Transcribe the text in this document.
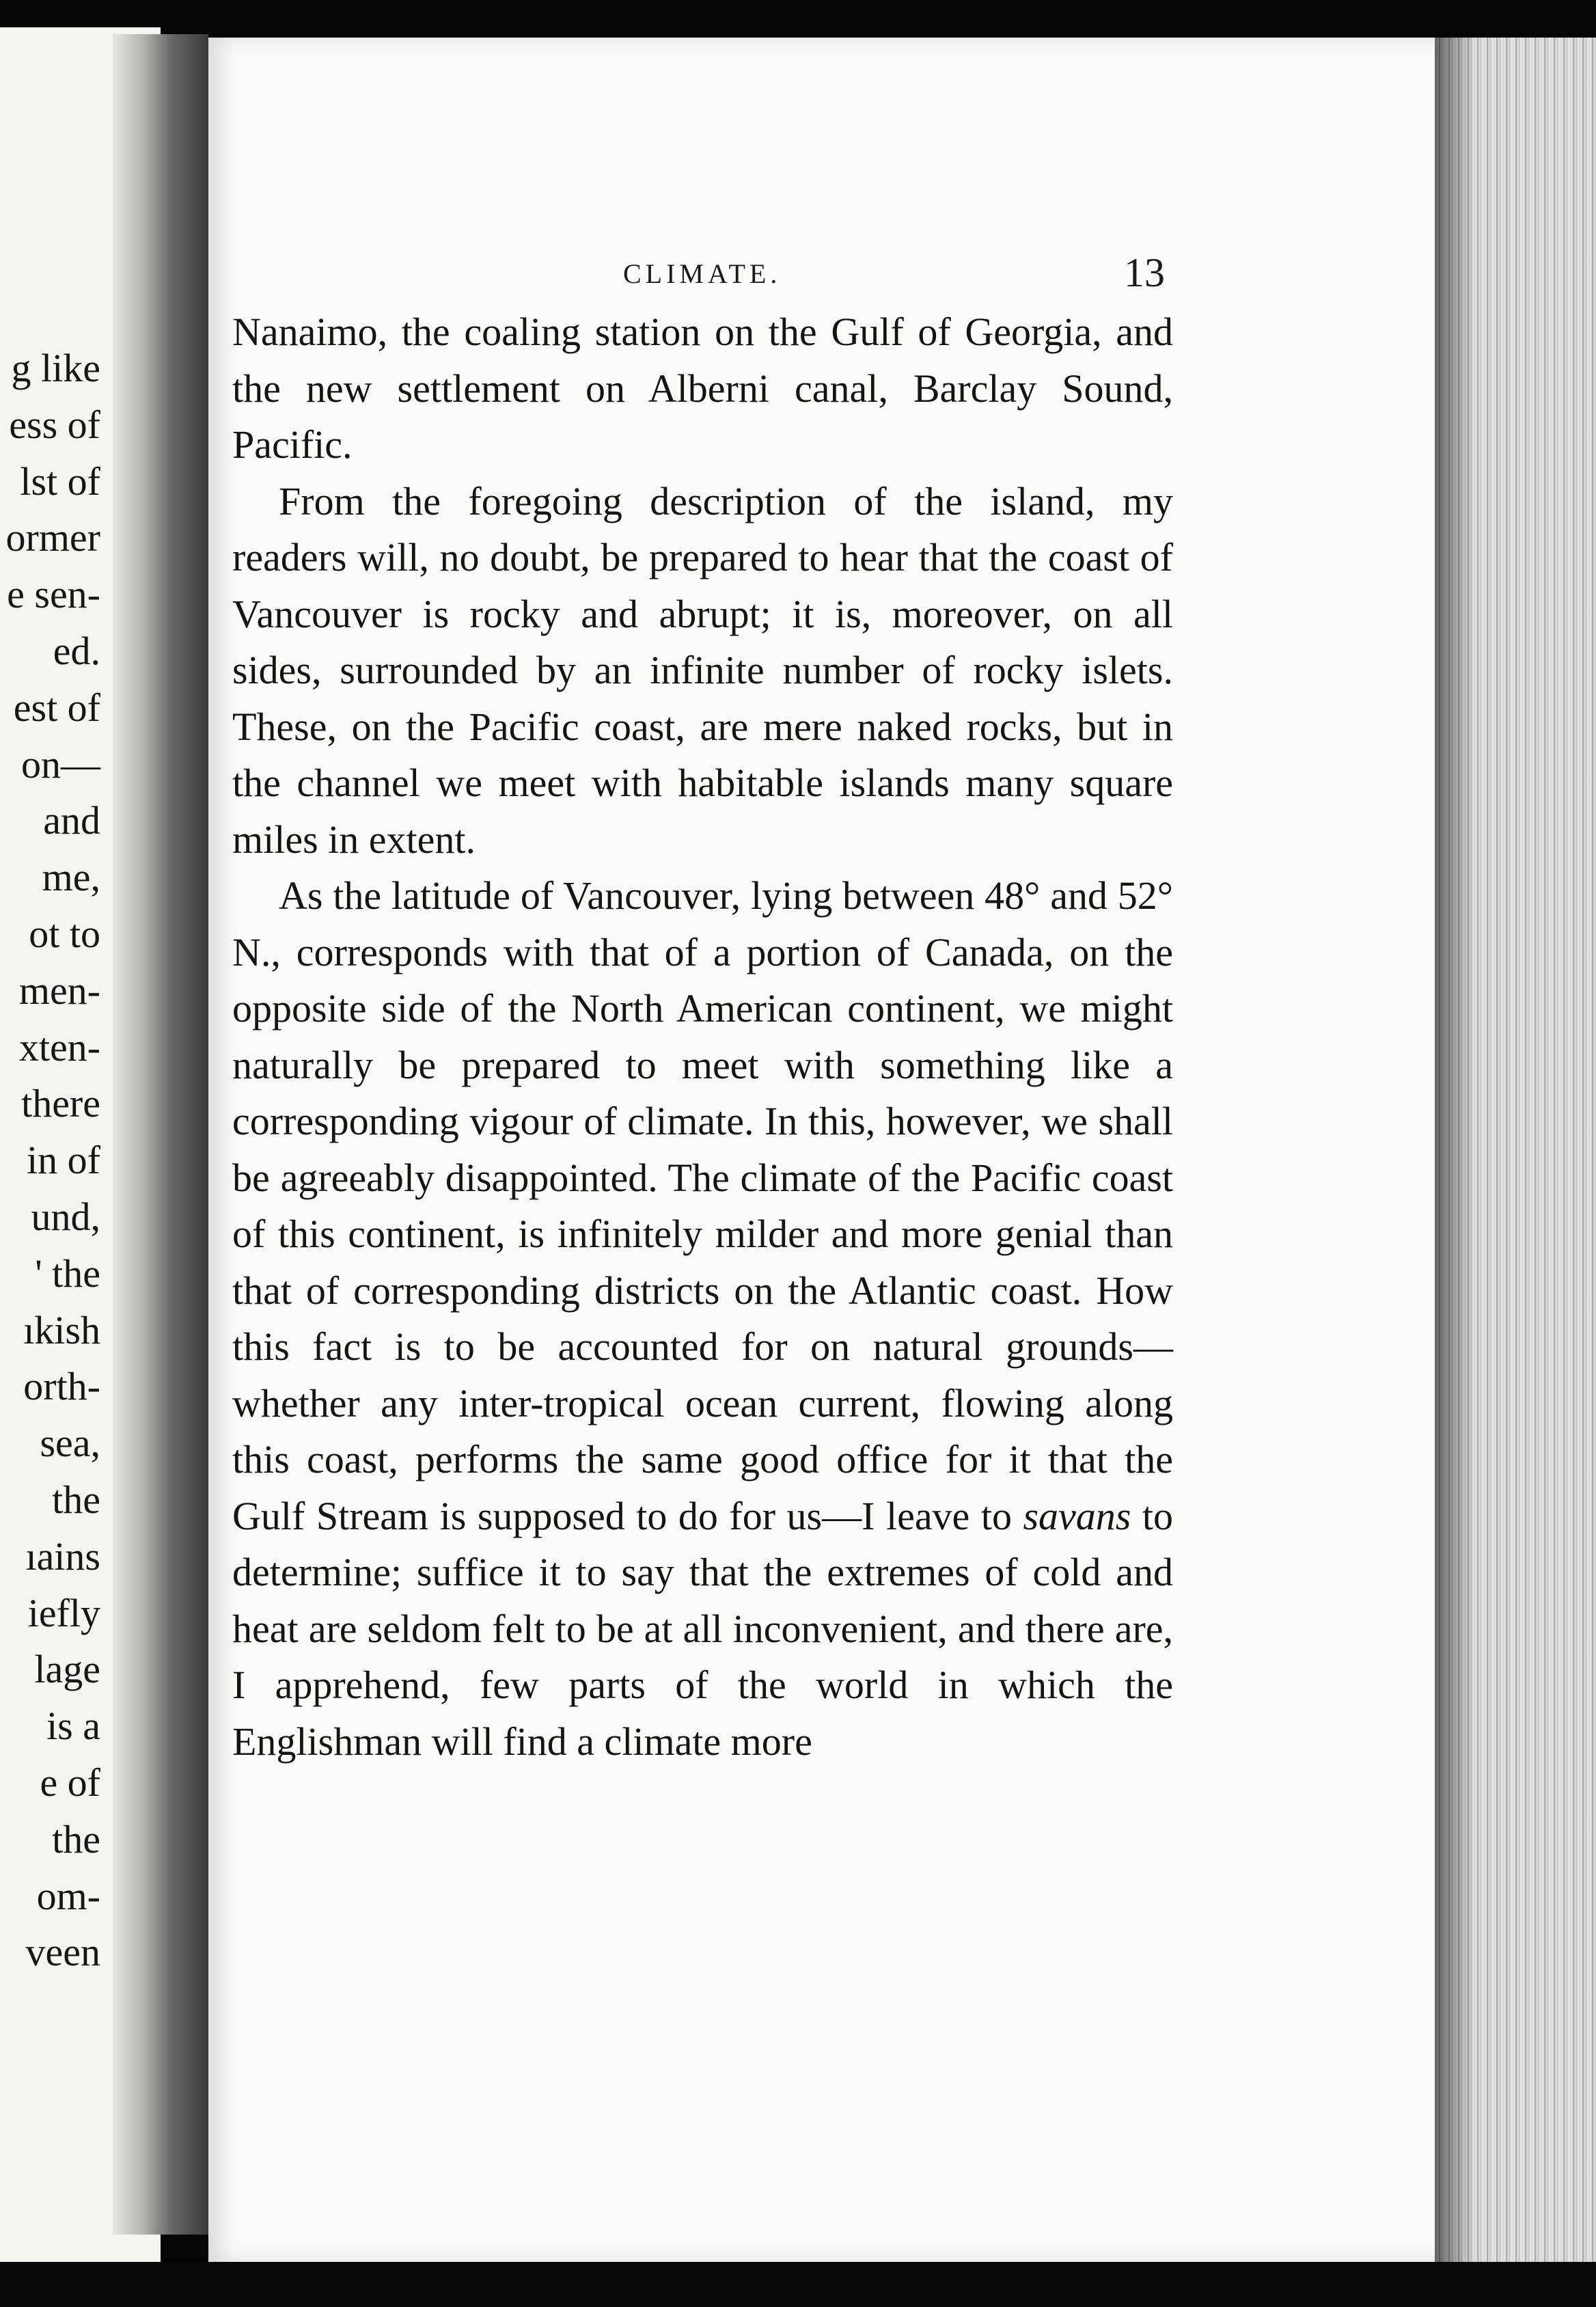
g like
ess of
lst of
ormer
e sen-
ed.
est of
on—
and
me,
ot to
men-
xten-
there
in of
und,
' the
ıkish
orth-
sea,
the
ıains
iefly
lage
is a
e of
the
om-
veen
CLIMATE.	13

Nanaimo, the coaling station on the Gulf of Georgia, and the new settlement on Alberni canal, Barclay Sound, Pacific.

From the foregoing description of the island, my readers will, no doubt, be prepared to hear that the coast of Vancouver is rocky and abrupt; it is, moreover, on all sides, surrounded by an infinite number of rocky islets. These, on the Pacific coast, are mere naked rocks, but in the channel we meet with habitable islands many square miles in extent.

As the latitude of Vancouver, lying between 48° and 52° N., corresponds with that of a portion of Canada, on the opposite side of the North American continent, we might naturally be prepared to meet with something like a corresponding vigour of climate. In this, however, we shall be agreeably disappointed. The climate of the Pacific coast of this continent, is infinitely milder and more genial than that of corresponding districts on the Atlantic coast. How this fact is to be accounted for on natural grounds—whether any inter-tropical ocean current, flowing along this coast, performs the same good office for it that the Gulf Stream is supposed to do for us—I leave to savans to determine; suffice it to say that the extremes of cold and heat are seldom felt to be at all inconvenient, and there are, I apprehend, few parts of the world in which the Englishman will find a climate more
